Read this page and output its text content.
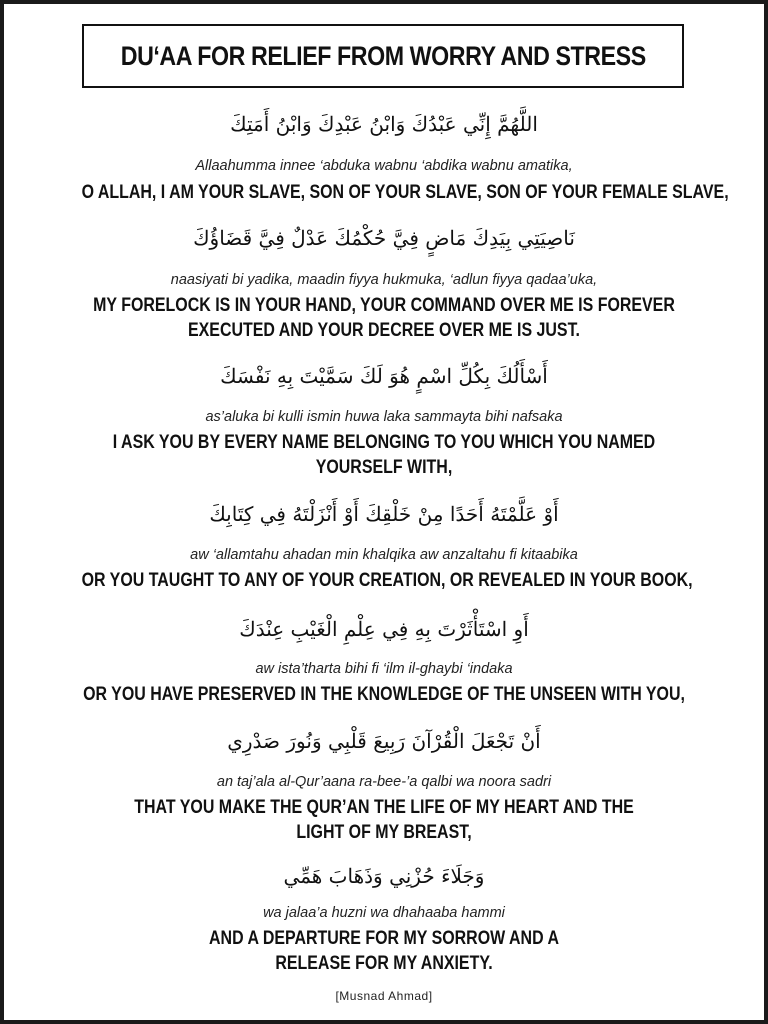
DU‘AA FOR RELIEF FROM WORRY AND STRESS
اللَّهُمَّ إِنِّي عَبْدُكَ وَابْنُ عَبْدِكَ وَابْنُ أَمَتِكَ
Allaahumma innee ‘abduka wabnu ‘abdika wabnu amatika,
O ALLAH, I AM YOUR SLAVE, SON OF YOUR SLAVE, SON OF YOUR FEMALE SLAVE,
نَاصِيَتِي بِيَدِكَ مَاضٍ فِيَّ حُكْمُكَ عَدْلٌ فِيَّ قَضَاؤُكَ
naasiyati bi yadika, maadin fiyya hukmuka, ‘adlun fiyya qadaa’uka,
MY FORELOCK IS IN YOUR HAND, YOUR COMMAND OVER ME IS FOREVER
EXECUTED AND YOUR DECREE OVER ME IS JUST.
أَسْأَلُكَ بِكُلِّ اسْمٍ هُوَ لَكَ سَمَّيْتَ بِهِ نَفْسَكَ
as’aluka bi kulli ismin huwa laka sammayta bihi nafsaka
I ASK YOU BY EVERY NAME BELONGING TO YOU WHICH YOU NAMED
YOURSELF WITH,
أَوْ عَلَّمْتَهُ أَحَدًا مِنْ خَلْقِكَ أَوْ أَنْزَلْتَهُ فِي كِتَابِكَ
aw ‘allamtahu ahadan min khalqika aw anzaltahu fi kitaabika
OR YOU TAUGHT TO ANY OF YOUR CREATION, OR REVEALED IN YOUR BOOK,
أَوِ اسْتَأْثَرْتَ بِهِ فِي عِلْمِ الْغَيْبِ عِنْدَكَ
aw ista’tharta bihi fi ‘ilm il-ghaybi ‘indaka
OR YOU HAVE PRESERVED IN THE KNOWLEDGE OF THE UNSEEN WITH YOU,
أَنْ تَجْعَلَ الْقُرْآنَ رَبِيعَ قَلْبِي وَنُورَ صَدْرِي
an taj’ala al-Qur’aana ra-bee-’a qalbi wa noora sadri
THAT YOU MAKE THE QUR’AN THE LIFE OF MY HEART AND THE
LIGHT OF MY BREAST,
وَجَلَاءَ حُزْنِي وَذَهَابَ هَمِّي
wa jalaa’a huzni wa dhahaaba hammi
AND A DEPARTURE FOR MY SORROW AND A
RELEASE FOR MY ANXIETY.
[Musnad Ahmad]
